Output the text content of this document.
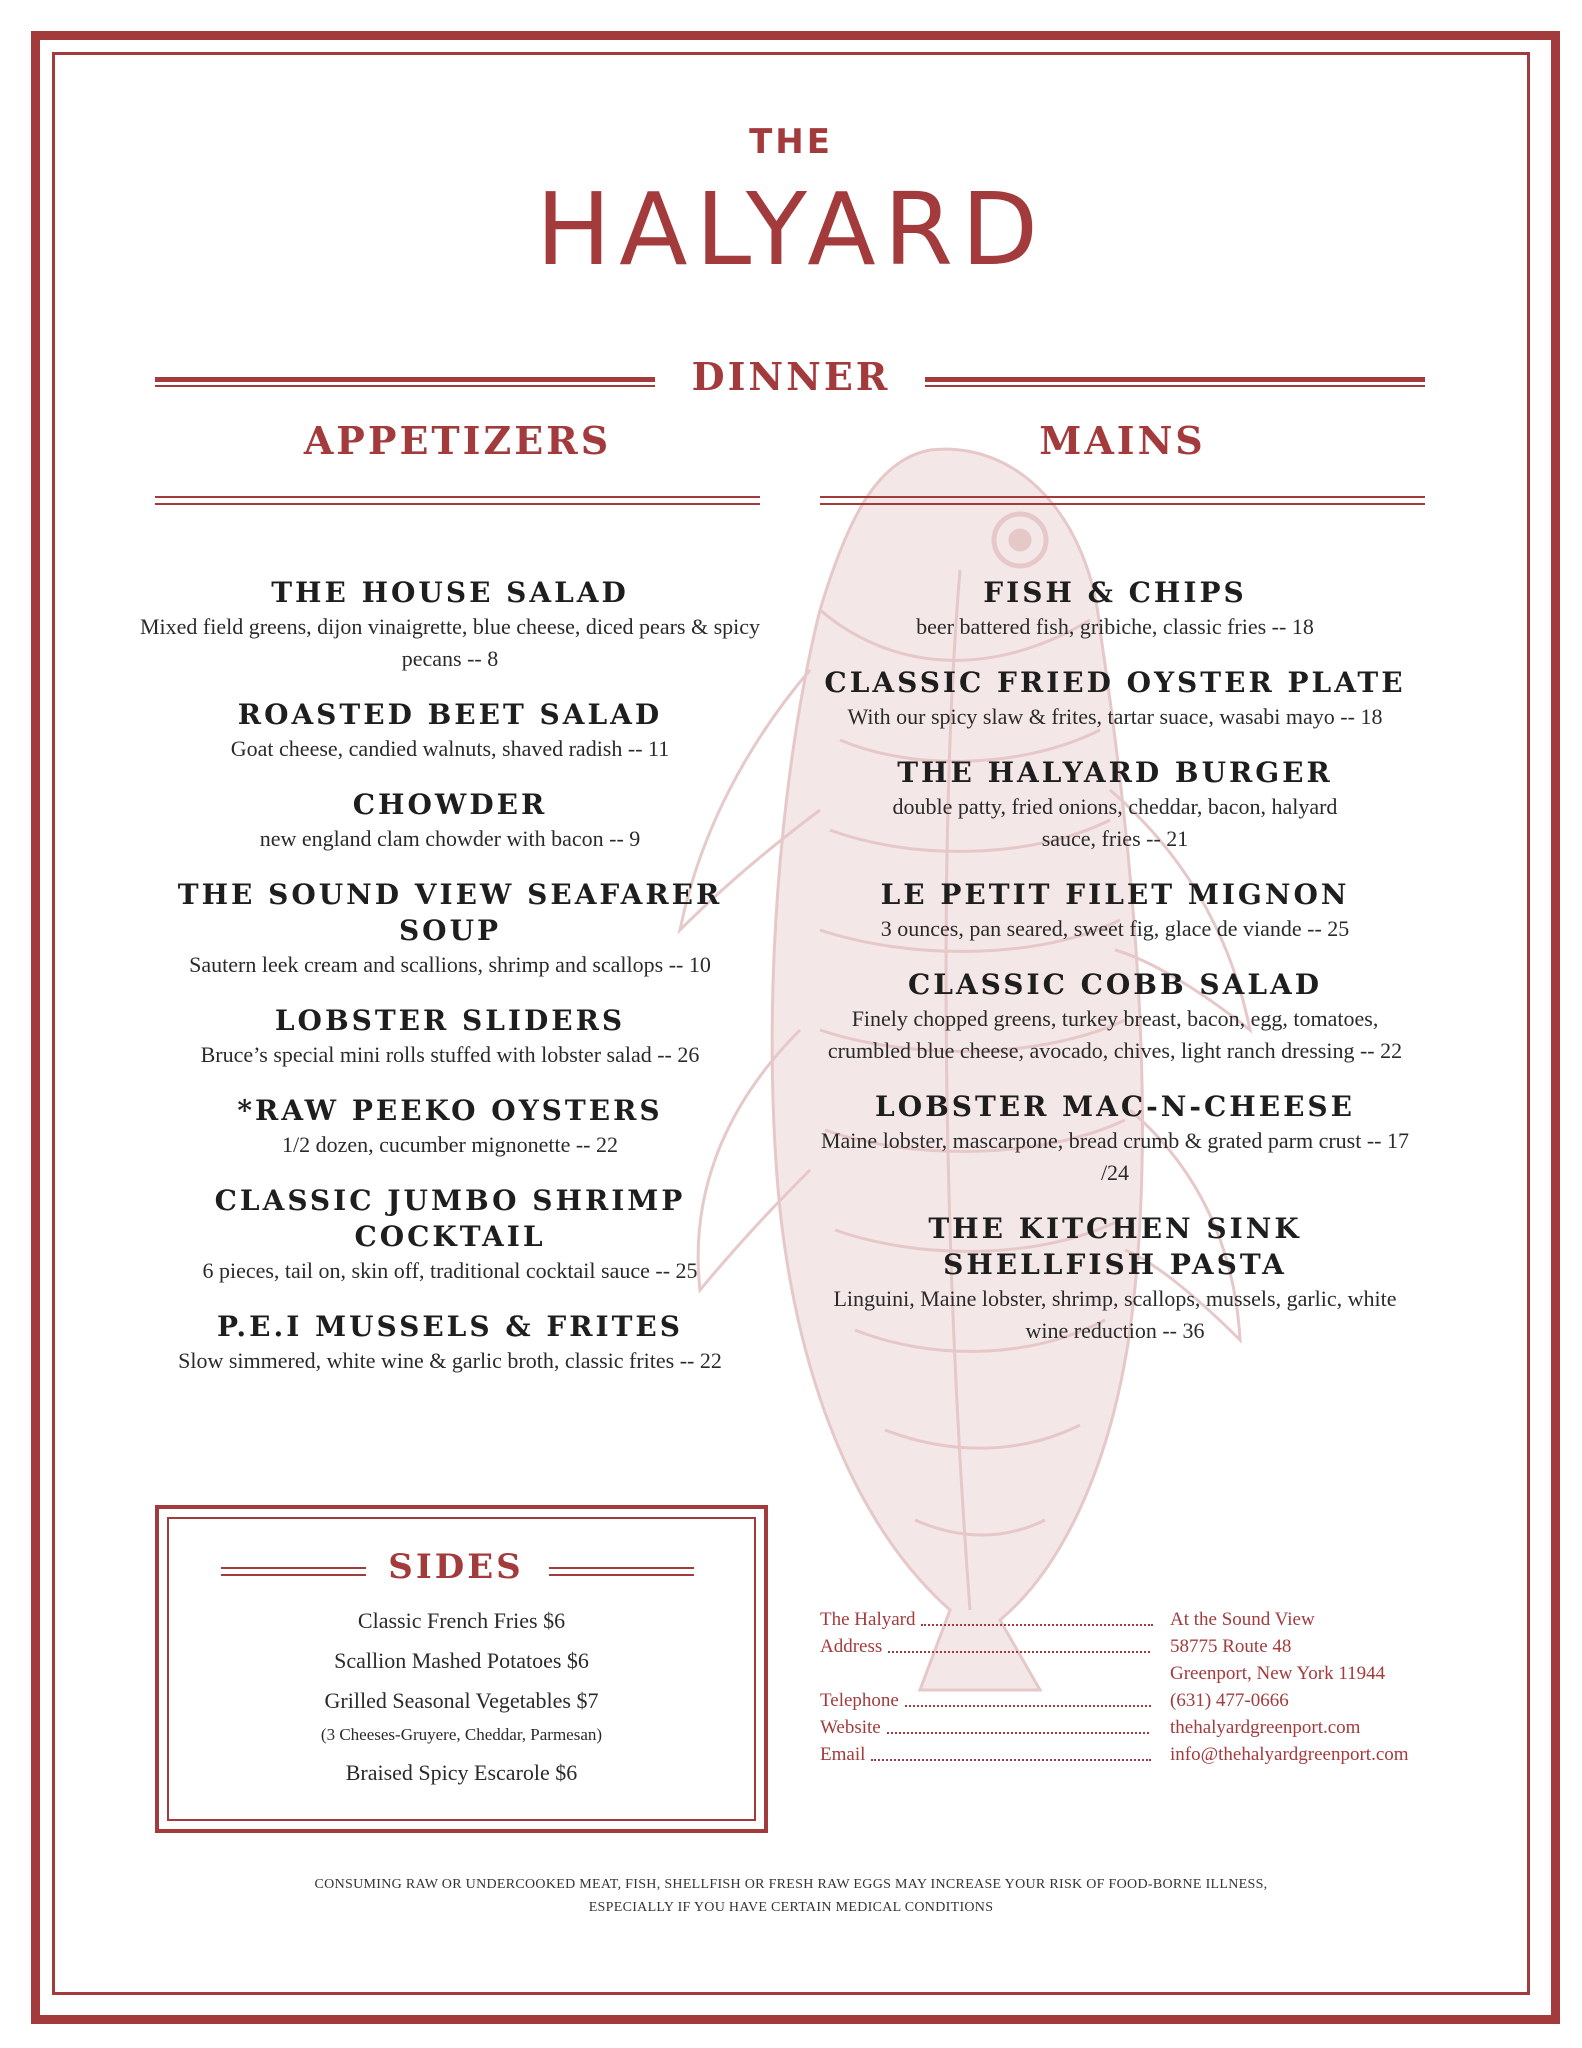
THE
HALYARD
DINNER
APPETIZERS	MAINS
THE HOUSE SALAD
Mixed field greens, dijon vinaigrette, blue cheese, diced pears & spicy pecans -- 8
ROASTED BEET SALAD
Goat cheese, candied walnuts, shaved radish -- 11
CHOWDER
new england clam chowder with bacon -- 9
THE SOUND VIEW SEAFARER SOUP
Sautern leek cream and scallions, shrimp and scallops -- 10
LOBSTER SLIDERS
Bruce’s special mini rolls stuffed with lobster salad -- 26
*RAW PEEKO OYSTERS
1/2 dozen, cucumber mignonette -- 22
CLASSIC JUMBO SHRIMP COCKTAIL
6 pieces, tail on, skin off, traditional cocktail sauce -- 25
P.E.I MUSSELS & FRITES
Slow simmered, white wine & garlic broth, classic frites -- 22
FISH & CHIPS
beer battered fish, gribiche, classic fries -- 18
CLASSIC FRIED OYSTER PLATE
With our spicy slaw & frites, tartar suace, wasabi mayo -- 18
THE HALYARD BURGER
double patty, fried onions, cheddar, bacon, halyard sauce, fries -- 21
LE PETIT FILET MIGNON
3 ounces, pan seared, sweet fig, glace de viande -- 25
CLASSIC COBB SALAD
Finely chopped greens, turkey breast, bacon, egg, tomatoes, crumbled blue cheese, avocado, chives, light ranch dressing -- 22
LOBSTER MAC-N-CHEESE
Maine lobster, mascarpone, bread crumb & grated parm crust -- 17 /24
THE KITCHEN SINK SHELLFISH PASTA
Linguini, Maine lobster, shrimp, scallops, mussels, garlic, white wine reduction -- 36
SIDES
Classic French Fries $6
Scallion Mashed Potatoes $6
Grilled Seasonal Vegetables $7
(3 Cheeses-Gruyere, Cheddar, Parmesan)
Braised Spicy Escarole $6
The Halyard	At the Sound View
Address	58775 Route 48
Greenport, New York 11944
Telephone	(631) 477-0666
Website	thehalyardgreenport.com
Email	info@thehalyardgreenport.com
CONSUMING RAW OR UNDERCOOKED MEAT, FISH, SHELLFISH OR FRESH RAW EGGS MAY INCREASE YOUR RISK OF FOOD-BORNE ILLNESS,
ESPECIALLY IF YOU HAVE CERTAIN MEDICAL CONDITIONS
